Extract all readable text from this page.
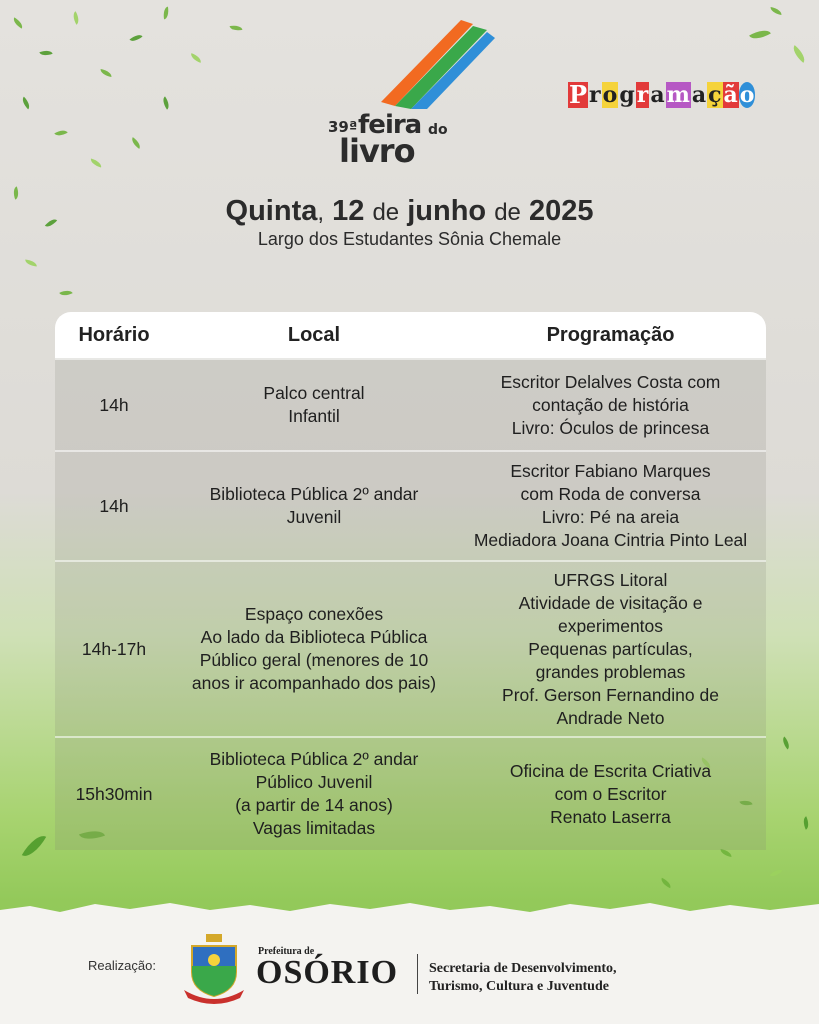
39ª feira do
livro
P r o g r a m a ç ã o
Quinta, 12 de junho de 2025
Largo dos Estudantes Sônia Chemale
Horário	Local	Programação
14h
Palco central
Infantil
Escritor Delalves Costa com
contação de história
Livro: Óculos de princesa
14h
Biblioteca Pública 2º andar
Juvenil
Escritor Fabiano Marques
com Roda de conversa
Livro: Pé na areia
Mediadora Joana Cintria Pinto Leal
14h-17h
Espaço conexões
Ao lado da Biblioteca Pública
Público geral (menores de 10
anos ir acompanhado dos pais)
UFRGS Litoral
Atividade de visitação e
experimentos
Pequenas partículas,
grandes problemas
Prof. Gerson Fernandino de
Andrade Neto
15h30min
Biblioteca Pública 2º andar
Público Juvenil
(a partir de 14 anos)
Vagas limitadas
Oficina de Escrita Criativa
com o Escritor
Renato Laserra
Realização:
Prefeitura de
OSÓRIO Secretaria de Desenvolvimento,
Turismo, Cultura e Juventude
